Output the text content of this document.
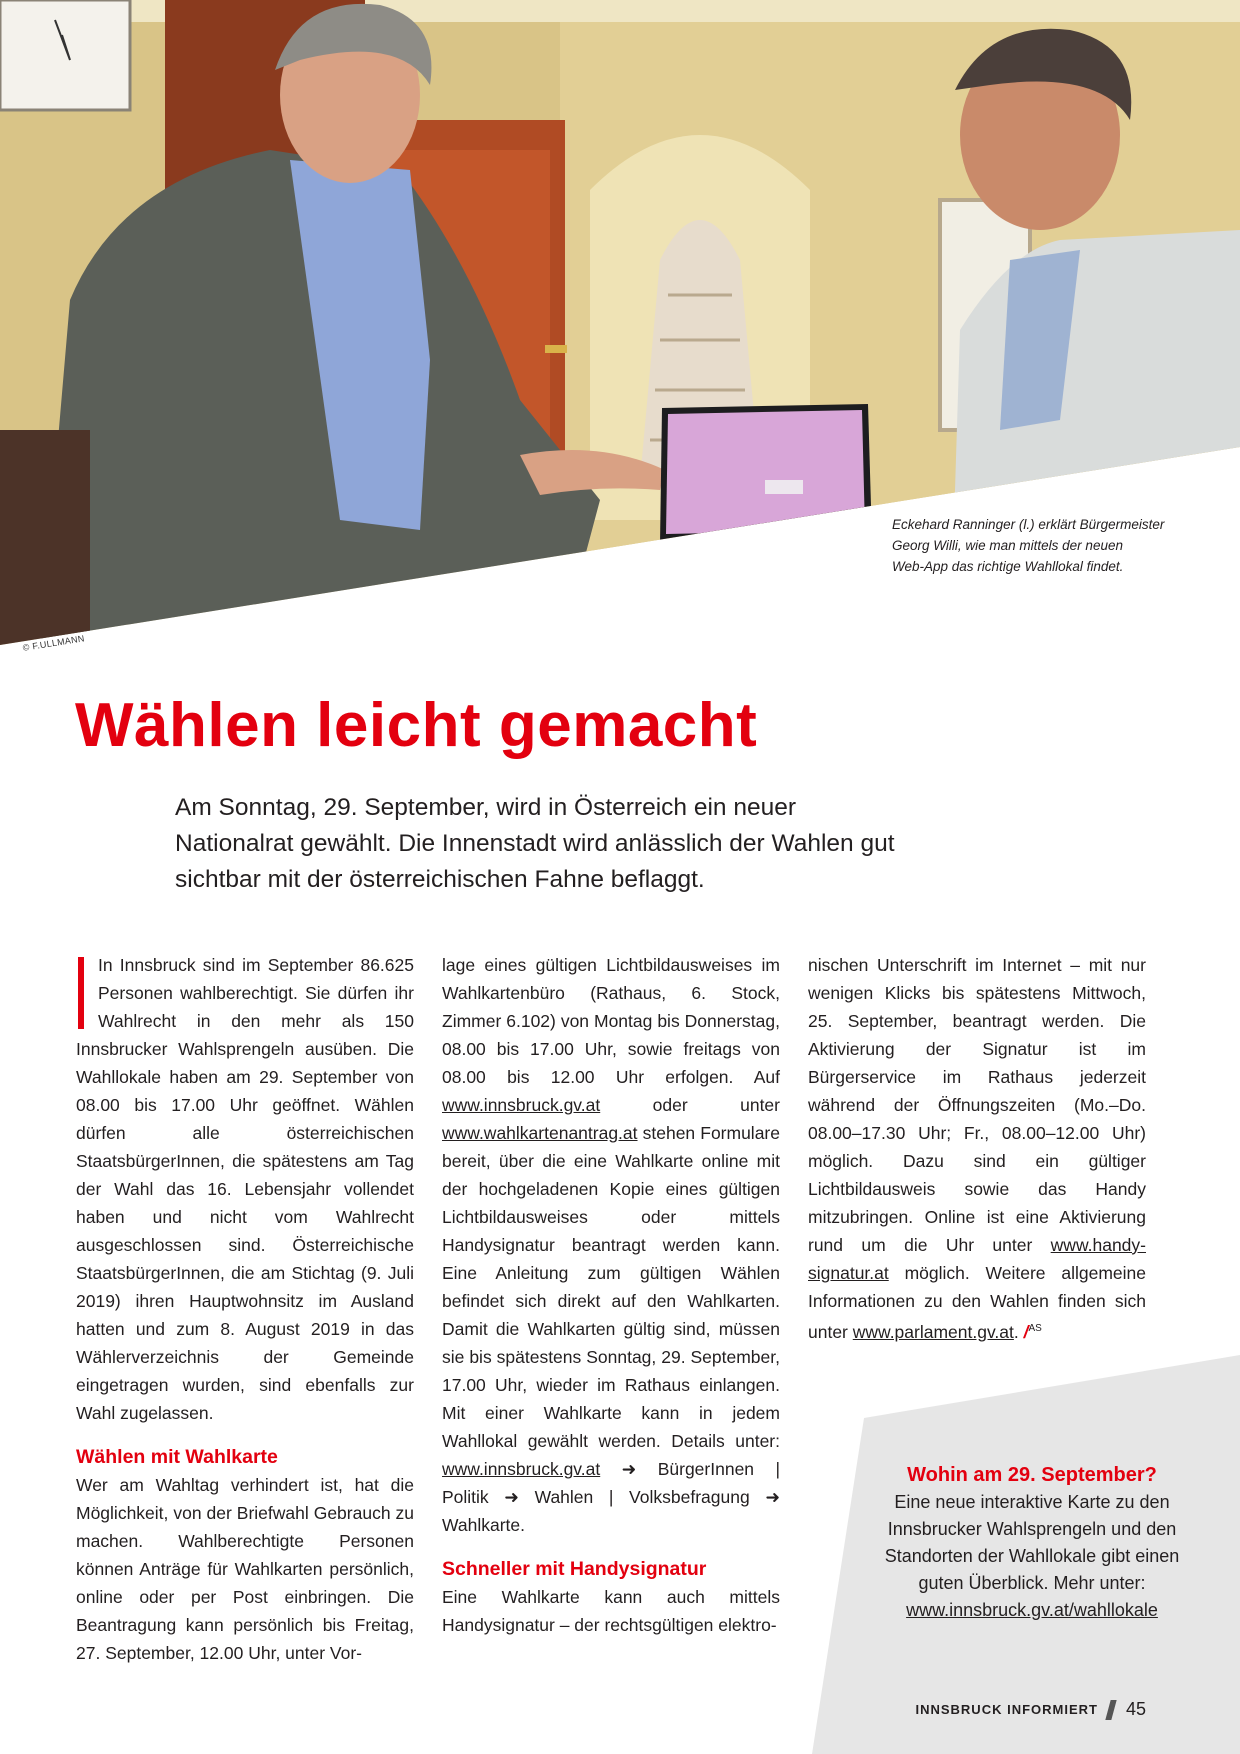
© F.ULLMANN
Eckehard Ranninger (l.) erklärt Bürgermeister
Georg Willi, wie man mittels der neuen
Web-App das richtige Wahllokal findet.
Wählen leicht gemacht

Am Sonntag, 29. September, wird in Österreich ein neuer Nationalrat gewählt. Die Innenstadt wird anlässlich der Wahlen gut sichtbar mit der österreichischen Fahne beflaggt.

In Innsbruck sind im September 86.625 Personen wahlberechtigt. Sie dürfen ihr Wahlrecht in den mehr als 150 Innsbrucker Wahlsprengeln ausüben. Die Wahllokale haben am 29. September von 08.00 bis 17.00 Uhr geöffnet. Wählen dürfen alle österreichischen StaatsbürgerInnen, die spätestens am Tag der Wahl das 16. Lebensjahr vollendet haben und nicht vom Wahlrecht ausgeschlossen sind. Österreichische StaatsbürgerInnen, die am Stichtag (9. Juli 2019) ihren Hauptwohnsitz im Ausland hatten und zum 8. August 2019 in das Wählerverzeichnis der Gemeinde eingetragen wurden, sind ebenfalls zur Wahl zugelassen.

Wählen mit Wahlkarte

Wer am Wahltag verhindert ist, hat die Möglichkeit, von der Briefwahl Gebrauch zu machen. Wahlberechtigte Personen können Anträge für Wahlkarten persönlich, online oder per Post einbringen. Die Beantragung kann persönlich bis Freitag, 27. September, 12.00 Uhr, unter Vor-

lage eines gültigen Lichtbildausweises im Wahlkartenbüro (Rathaus, 6. Stock, Zimmer 6.102) von Montag bis Donnerstag, 08.00 bis 17.00 Uhr, sowie freitags von 08.00 bis 12.00 Uhr erfolgen. Auf www.innsbruck.gv.at oder unter www.wahlkartenantrag.at stehen Formulare bereit, über die eine Wahlkarte online mit der hochgeladenen Kopie eines gültigen Lichtbildausweises oder mittels Handysignatur beantragt werden kann. Eine Anleitung zum gültigen Wählen befindet sich direkt auf den Wahlkarten. Damit die Wahlkarten gültig sind, müssen sie bis spätestens Sonntag, 29. September, 17.00 Uhr, wieder im Rathaus einlangen. Mit einer Wahlkarte kann in jedem Wahllokal gewählt werden. Details unter: www.innsbruck.gv.at ➜ BürgerInnen | Politik ➜ Wahlen | Volksbefragung ➜ Wahlkarte.

Schneller mit Handysignatur

Eine Wahlkarte kann auch mittels Handysignatur – der rechtsgültigen elektro-

nischen Unterschrift im Internet – mit nur wenigen Klicks bis spätestens Mittwoch, 25. September, beantragt werden. Die Aktivierung der Signatur ist im Bürgerservice im Rathaus jederzeit während der Öffnungszeiten (Mo.–Do. 08.00–17.30 Uhr; Fr., 08.00–12.00 Uhr) möglich. Dazu sind ein gültiger Lichtbildausweis sowie das Handy mitzubringen. Online ist eine Aktivierung rund um die Uhr unter www.handy-signatur.at möglich. Weitere allgemeine Informationen zu den Wahlen finden sich unter www.parlament.gv.at. /$^{AS}$

Wohin am 29. September?
Eine neue interaktive Karte zu den Innsbrucker Wahlsprengeln und den Standorten der Wahllokale gibt einen guten Überblick. Mehr unter:
www.innsbruck.gv.at/wahllokale
INNSBRUCK INFORMIERT 45
